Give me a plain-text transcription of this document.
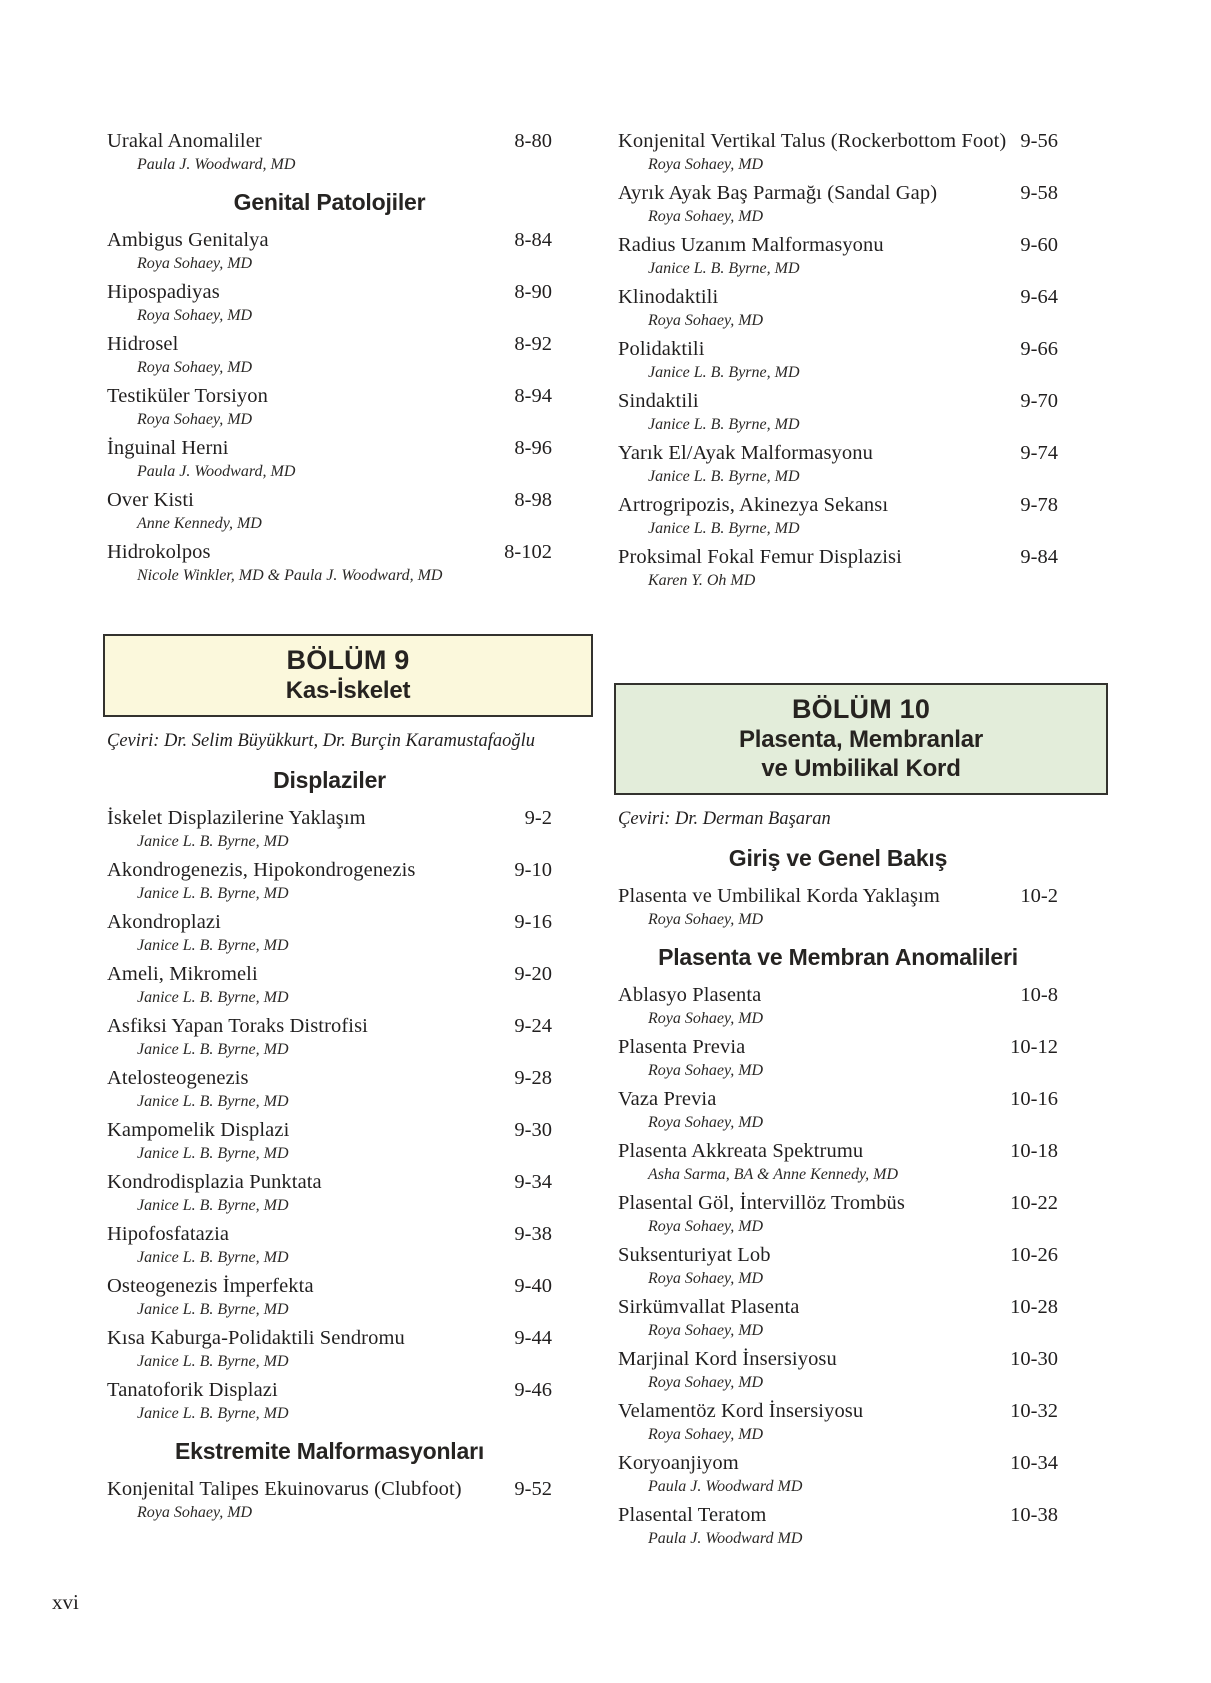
Urakal Anomaliler	8-80
Paula J. Woodward, MD
Genital Patolojiler
Ambigus Genitalya	8-84
Roya Sohaey, MD
Hipospadiyas	8-90
Roya Sohaey, MD
Hidrosel	8-92
Roya Sohaey, MD
Testiküler Torsiyon	8-94
Roya Sohaey, MD
İnguinal Herni	8-96
Paula J. Woodward, MD
Over Kisti	8-98
Anne Kennedy, MD
Hidrokolpos	8-102
Nicole Winkler, MD & Paula J. Woodward, MD
BÖLÜM 9
Kas-İskelet
Çeviri: Dr. Selim Büyükkurt, Dr. Burçin Karamustafaoğlu
Displaziler
İskelet Displazilerine Yaklaşım	9-2
Janice L. B. Byrne, MD
Akondrogenezis, Hipokondrogenezis	9-10
Janice L. B. Byrne, MD
Akondroplazi	9-16
Janice L. B. Byrne, MD
Ameli, Mikromeli	9-20
Janice L. B. Byrne, MD
Asfiksi Yapan Toraks Distrofisi	9-24
Janice L. B. Byrne, MD
Atelosteogenezis	9-28
Janice L. B. Byrne, MD
Kampomelik Displazi	9-30
Janice L. B. Byrne, MD
Kondrodisplazia Punktata	9-34
Janice L. B. Byrne, MD
Hipofosfatazia	9-38
Janice L. B. Byrne, MD
Osteogenezis İmperfekta	9-40
Janice L. B. Byrne, MD
Kısa Kaburga-Polidaktili Sendromu	9-44
Janice L. B. Byrne, MD
Tanatoforik Displazi	9-46
Janice L. B. Byrne, MD
Ekstremite Malformasyonları
Konjenital Talipes Ekuinovarus (Clubfoot)	9-52
Roya Sohaey, MD
Konjenital Vertikal Talus (Rockerbottom Foot) 9-56
Roya Sohaey, MD
Ayrık Ayak Baş Parmağı (Sandal Gap)	9-58
Roya Sohaey, MD
Radius Uzanım Malformasyonu	9-60
Janice L. B. Byrne, MD
Klinodaktili	9-64
Roya Sohaey, MD
Polidaktili	9-66
Janice L. B. Byrne, MD
Sindaktili	9-70
Janice L. B. Byrne, MD
Yarık El/Ayak Malformasyonu	9-74
Janice L. B. Byrne, MD
Artrogripozis, Akinezya Sekansı	9-78
Janice L. B. Byrne, MD
Proksimal Fokal Femur Displazisi	9-84
Karen Y. Oh MD
BÖLÜM 10
Plasenta, Membranlar
ve Umbilikal Kord
Çeviri: Dr. Derman Başaran
Giriş ve Genel Bakış
Plasenta ve Umbilikal Korda Yaklaşım	10-2
Roya Sohaey, MD
Plasenta ve Membran Anomalileri
Ablasyo Plasenta	10-8
Roya Sohaey, MD
Plasenta Previa	10-12
Roya Sohaey, MD
Vaza Previa	10-16
Roya Sohaey, MD
Plasenta Akkreata Spektrumu	10-18
Asha Sarma, BA & Anne Kennedy, MD
Plasental Göl, İntervillöz Trombüs	10-22
Roya Sohaey, MD
Suksenturiyat Lob	10-26
Roya Sohaey, MD
Sirkümvallat Plasenta	10-28
Roya Sohaey, MD
Marjinal Kord İnsersiyosu	10-30
Roya Sohaey, MD
Velamentöz Kord İnsersiyosu	10-32
Roya Sohaey, MD
Koryoanjiyom	10-34
Paula J. Woodward MD
Plasental Teratom	10-38
Paula J. Woodward MD
xvi
